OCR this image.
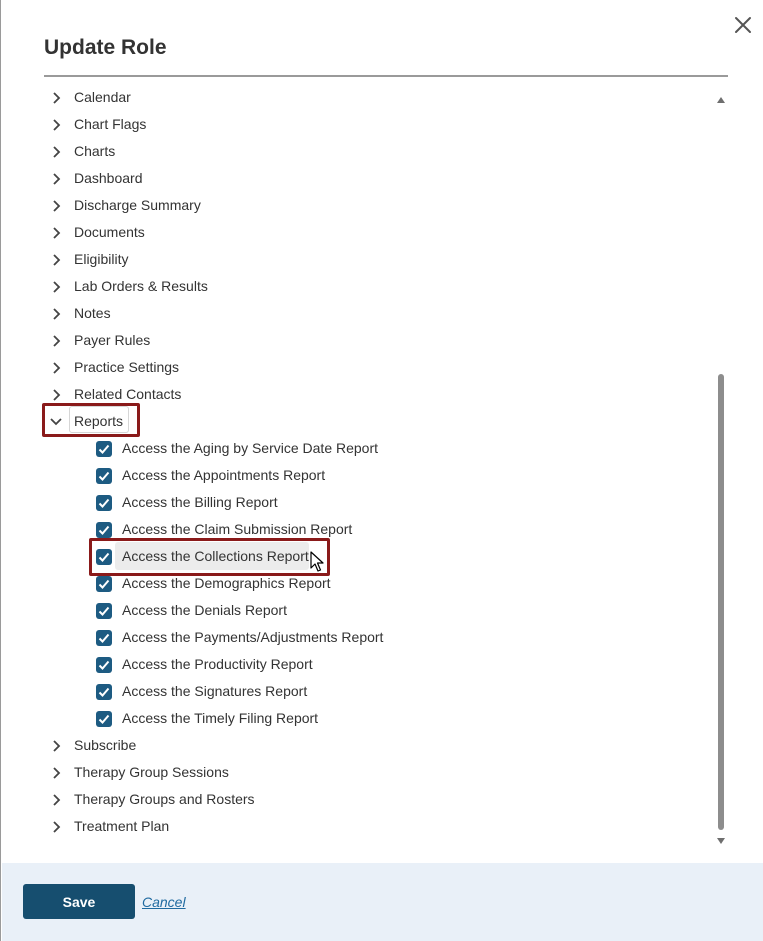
Update Role
Calendar
Chart Flags
Charts
Dashboard
Discharge Summary
Documents
Eligibility
Lab Orders & Results
Notes
Payer Rules
Practice Settings
Related Contacts
Reports
Access the Aging by Service Date Report
Access the Appointments Report
Access the Billing Report
Access the Claim Submission Report
Access the Collections Report
Access the Demographics Report
Access the Denials Report
Access the Payments/Adjustments Report
Access the Productivity Report
Access the Signatures Report
Access the Timely Filing Report
Subscribe
Therapy Group Sessions
Therapy Groups and Rosters
Treatment Plan
Save	Cancel
